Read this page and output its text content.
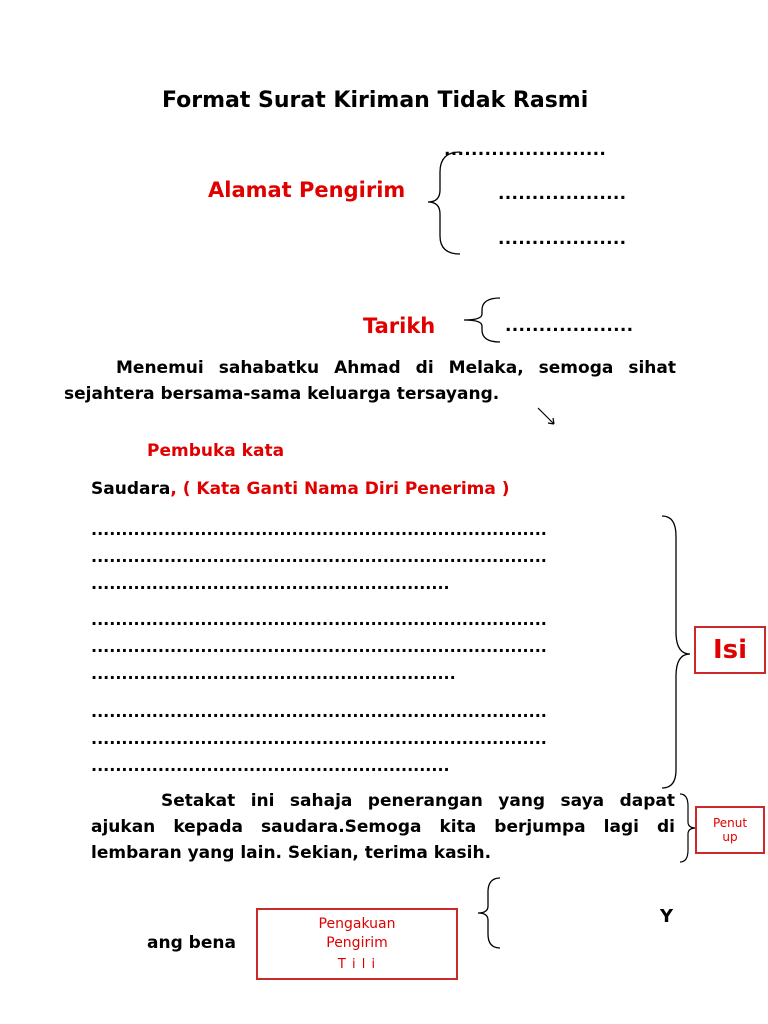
Format Surat Kiriman Tidak Rasmi
........................
Alamat Pengirim	...................
...................
Tarikh	...................
Menemui sahabatku Ahmad di Melaka, semoga sihat sejahtera bersama-sama keluarga tersayang.
Pembuka kata
Saudara, ( Kata Ganti Nama Diri Penerima )
...........................................................................
...........................................................................
...........................................................
...........................................................................
...........................................................................
............................................................
...........................................................................
...........................................................................
...........................................................
Isi
Setakat ini sahaja penerangan yang saya dapat ajukan kepada saudara.Semoga kita berjumpa lagi di lembaran yang lain. Sekian, terima kasih.
Penut up
Y
ang bena
Pengakuan Pengirim
T i l i
